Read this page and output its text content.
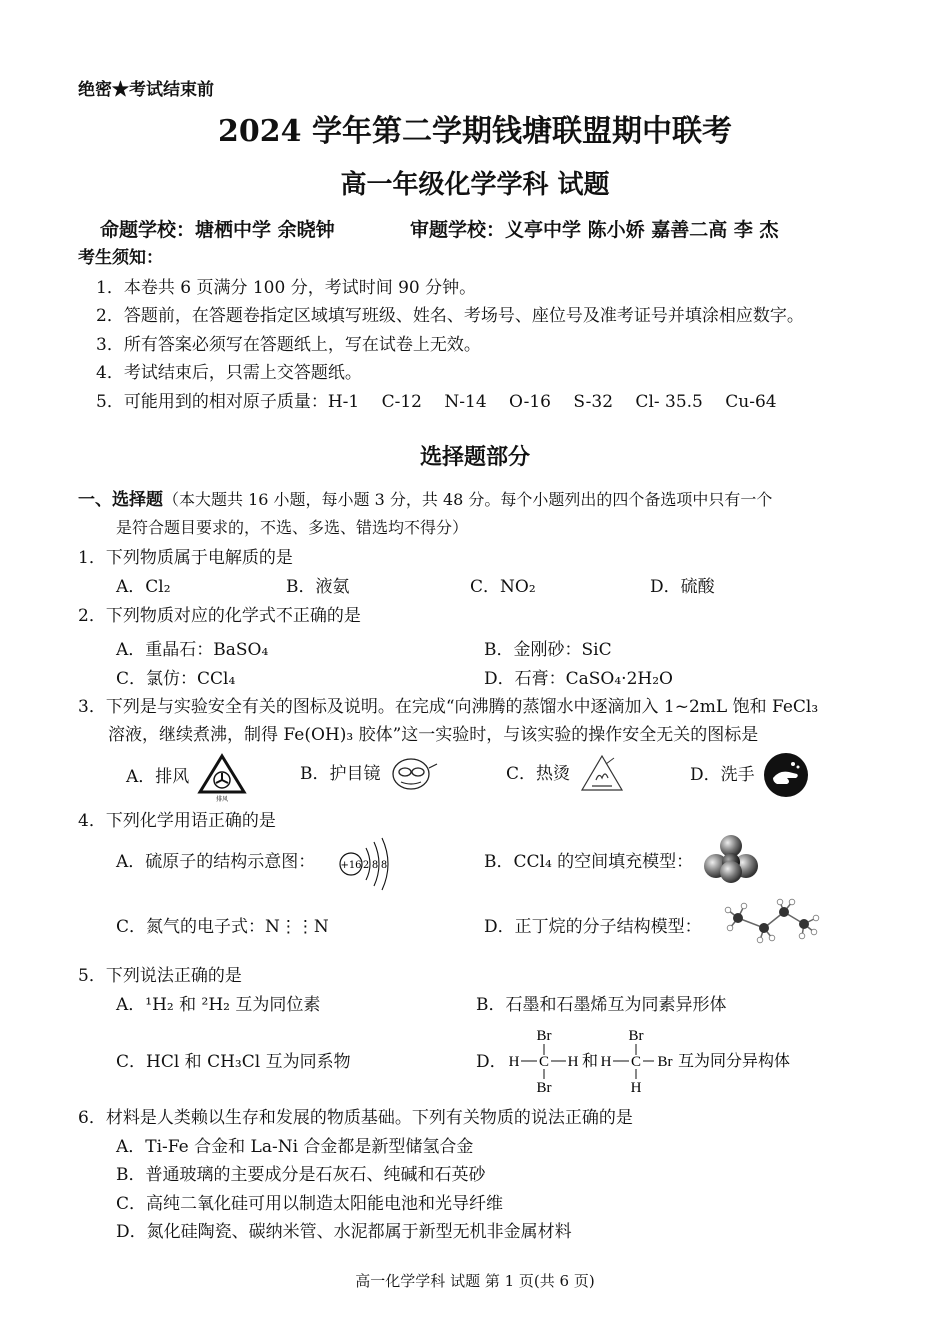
绝密★考试结束前
2024 学年第二学期钱塘联盟期中联考
高一年级化学学科 试题
命题学校：塘栖中学 余晓钟	审题学校：义亭中学 陈小娇 嘉善二高 李 杰
考生须知：
1．本卷共 6 页满分 100 分，考试时间 90 分钟。
2．答题前，在答题卷指定区域填写班级、姓名、考场号、座位号及准考证号并填涂相应数字。
3．所有答案必须写在答题纸上，写在试卷上无效。
4．考试结束后，只需上交答题纸。
5．可能用到的相对原子质量：H-1　 C-12　 N-14　 O-16　 S-32　 Cl- 35.5　 Cu-64
选择题部分
一、选择题（本大题共 16 小题，每小题 3 分，共 48 分。每个小题列出的四个备选项中只有一个
是符合题目要求的，不选、多选、错选均不得分）
1．下列物质属于电解质的是
A．Cl₂	B．液氨	C．NO₂	D．硫酸
2．下列物质对应的化学式不正确的是
A．重晶石：BaSO₄	B．金刚砂：SiC
C．氯仿：CCl₄	D．石膏：CaSO₄·2H₂O
3．下列是与实验安全有关的图标及说明。在完成“向沸腾的蒸馏水中逐滴加入 1~2mL 饱和 FeCl₃
溶液，继续煮沸，制得 Fe(OH)₃ 胶体”这一实验时，与该实验的操作安全无关的图标是
A．排风
排风
B．护目镜	C．热烫	D．洗手
4．下列化学用语正确的是
A．硫原子的结构示意图：	+16 2 8 8	B．CCl₄ 的空间填充模型：
C．氮气的电子式：N⋮⋮N	D．正丁烷的分子结构模型：
5．下列说法正确的是
A．¹H₂ 和 ²H₂ 互为同位素	B．石墨和石墨烯互为同素异形体
C．HCl 和 CH₃Cl 互为同系物	D．
Br
H C H
Br
和
Br
H C Br
H
互为同分异构体
6．材料是人类赖以生存和发展的物质基础。下列有关物质的说法正确的是
A．Ti-Fe 合金和 La-Ni 合金都是新型储氢合金
B．普通玻璃的主要成分是石灰石、纯碱和石英砂
C．高纯二氧化硅可用以制造太阳能电池和光导纤维
D．氮化硅陶瓷、碳纳米管、水泥都属于新型无机非金属材料
高一化学学科 试题 第 1 页(共 6 页)
